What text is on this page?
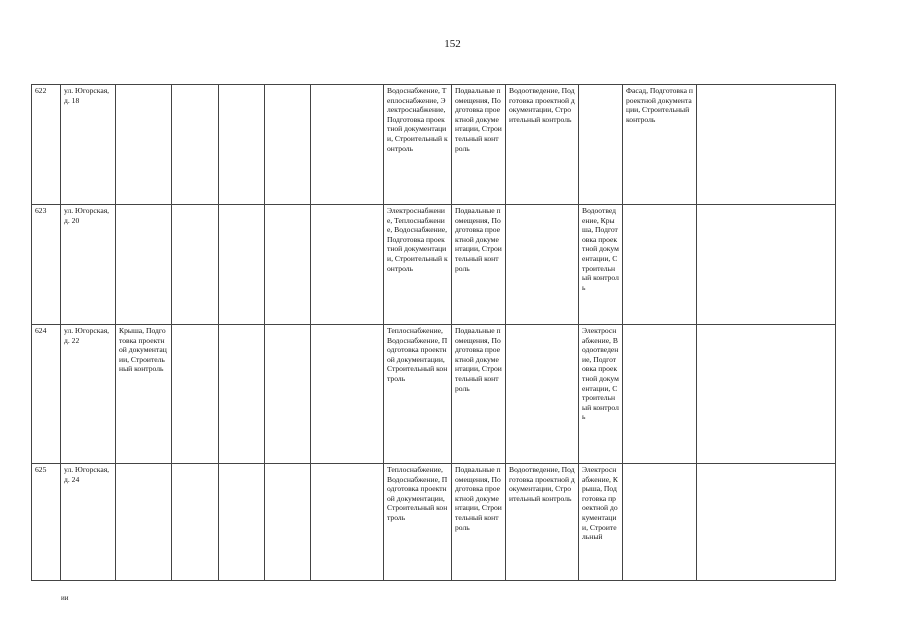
152
622	ул. Югорская, д. 18						Водоснабжение, Теплоснабжение, Электроснабжение, Подготовка проектной документации, Строительный контроль	Подвальные помещения, Подготовка проектной документации, Строительный контроль	Водоотведение, Подготовка проектной документации, Строительный контроль		Фасад, Подготовка проектной документации, Строительный контроль	
623	ул. Югорская, д. 20						Электроснабжение, Теплоснабжение, Водоснабжение, Подготовка проектной документации, Строительный контроль	Подвальные помещения, Подготовка проектной документации, Строительный контроль		Водоотведение, Крыша, Подготовка проектной документации, Строительный контроль		
624	ул. Югорская, д. 22	Крыша, Подготовка проектной документации, Строительный контроль					Теплоснабжение, Водоснабжение, Подготовка проектной документации, Строительный контроль	Подвальные помещения, Подготовка проектной документации, Строительный контроль		Электроснабжение, Водоотведение, Подготовка проектной документации, Строительный контроль		
625	ул. Югорская, д. 24						Теплоснабжение, Водоснабжение, Подготовка проектной документации, Строительный контроль	Подвальные помещения, Подготовка проектной документации, Строительный контроль	Водоотведение, Подготовка проектной документации, Строительный контроль	Электроснабжение, Крыша, Подготовка проектной документации, Строительный		
ии
